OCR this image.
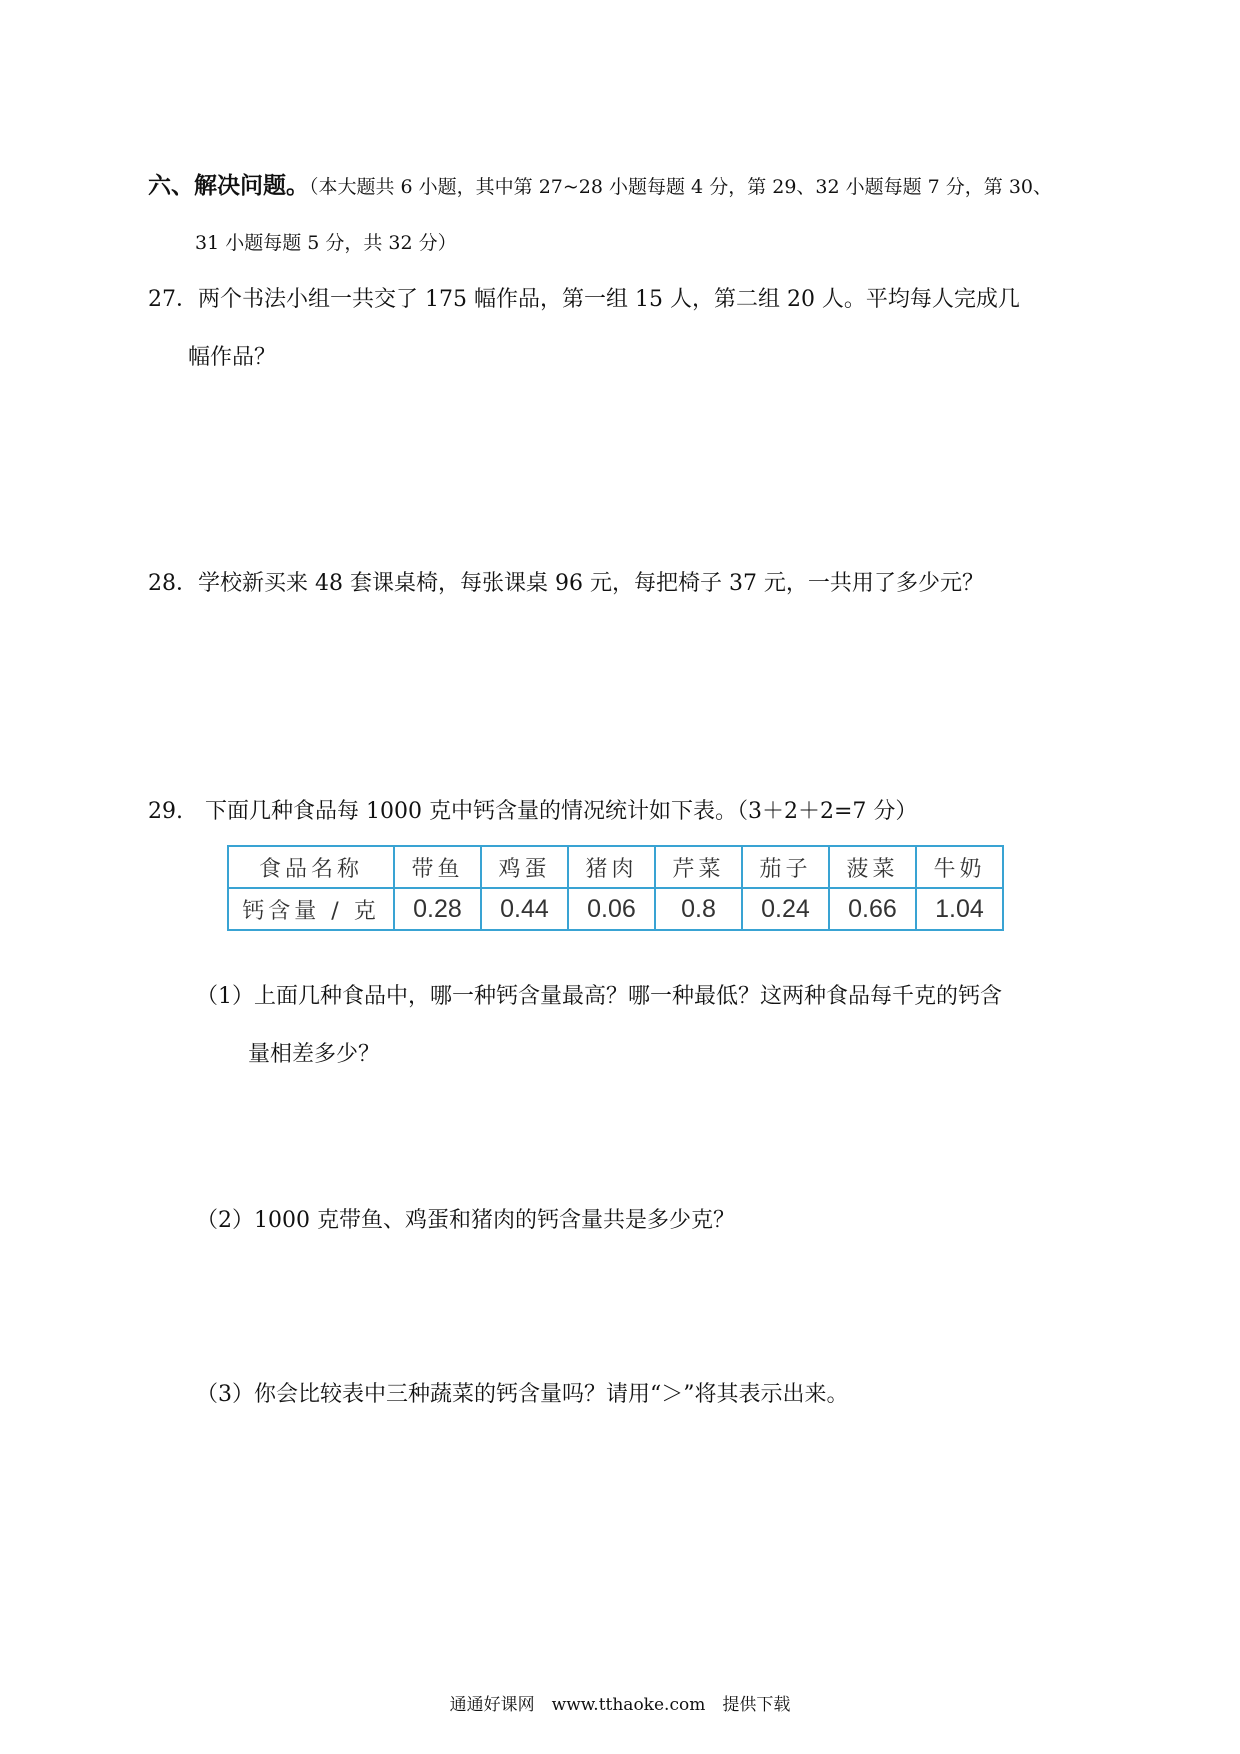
六、解决问题。（本大题共 6 小题，其中第 27~28 小题每题 4 分，第 29、32 小题每题 7 分，第 30、
31 小题每题 5 分，共 32 分）
27．两个书法小组一共交了 175 幅作品，第一组 15 人，第二组 20 人。平均每人完成几
幅作品？
28．学校新买来 48 套课桌椅，每张课桌 96 元，每把椅子 37 元，一共用了多少元？
29.　下面几种食品每 1000 克中钙含量的情况统计如下表。（3＋2＋2=7 分）
食品名称	带鱼	鸡蛋	猪肉	芹菜	茄子	菠菜	牛奶
钙含量 / 克	0.28	0.44	0.06	0.8	0.24	0.66	1.04
（1）上面几种食品中，哪一种钙含量最高？哪一种最低？这两种食品每千克的钙含
量相差多少？
（2）1000 克带鱼、鸡蛋和猪肉的钙含量共是多少克？
（3）你会比较表中三种蔬菜的钙含量吗？请用“＞”将其表示出来。
通通好课网　www.tthaoke.com　提供下载
